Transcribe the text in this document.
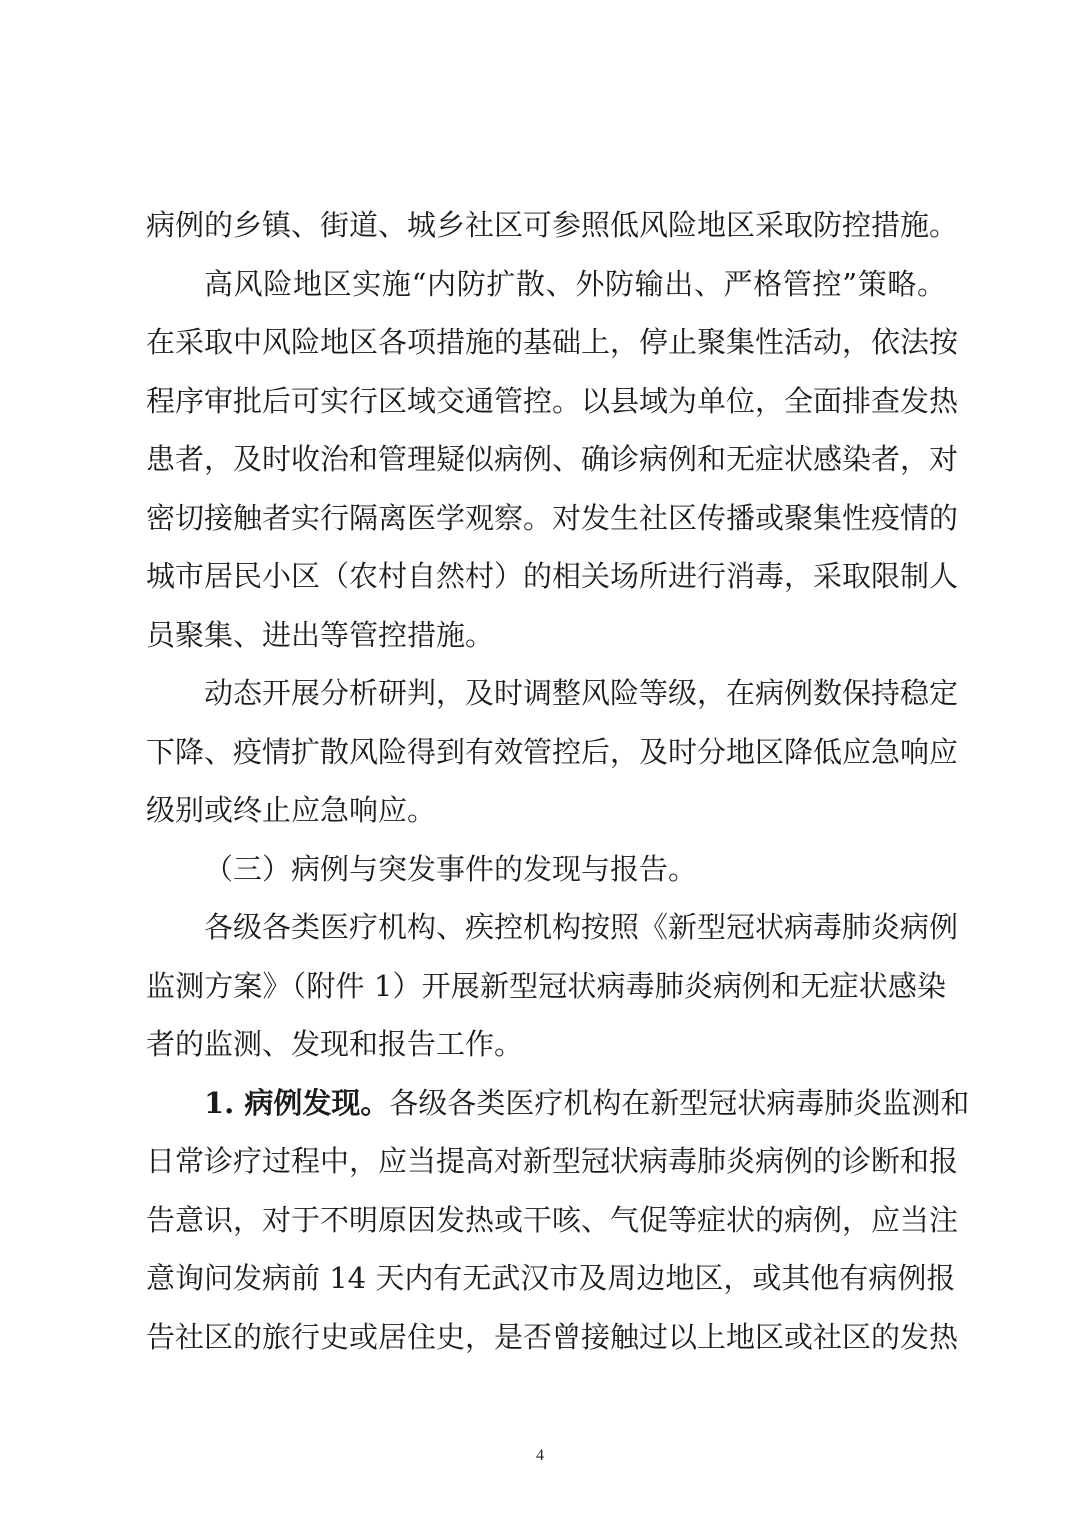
病例的乡镇、街道、城乡社区可参照低风险地区采取防控措施。
高风险地区实施“内防扩散、外防输出、严格管控”策略。
在采取中风险地区各项措施的基础上，停止聚集性活动，依法按
程序审批后可实行区域交通管控。以县域为单位，全面排查发热
患者，及时收治和管理疑似病例、确诊病例和无症状感染者，对
密切接触者实行隔离医学观察。对发生社区传播或聚集性疫情的
城市居民小区（农村自然村）的相关场所进行消毒，采取限制人
员聚集、进出等管控措施。
动态开展分析研判，及时调整风险等级，在病例数保持稳定
下降、疫情扩散风险得到有效管控后，及时分地区降低应急响应
级别或终止应急响应。
（三）病例与突发事件的发现与报告。
各级各类医疗机构、疾控机构按照《新型冠状病毒肺炎病例
监测方案》（附件 1）开展新型冠状病毒肺炎病例和无症状感染
者的监测、发现和报告工作。
1. 病例发现。各级各类医疗机构在新型冠状病毒肺炎监测和
日常诊疗过程中，应当提高对新型冠状病毒肺炎病例的诊断和报
告意识，对于不明原因发热或干咳、气促等症状的病例，应当注
意询问发病前 14 天内有无武汉市及周边地区，或其他有病例报
告社区的旅行史或居住史，是否曾接触过以上地区或社区的发热
4
